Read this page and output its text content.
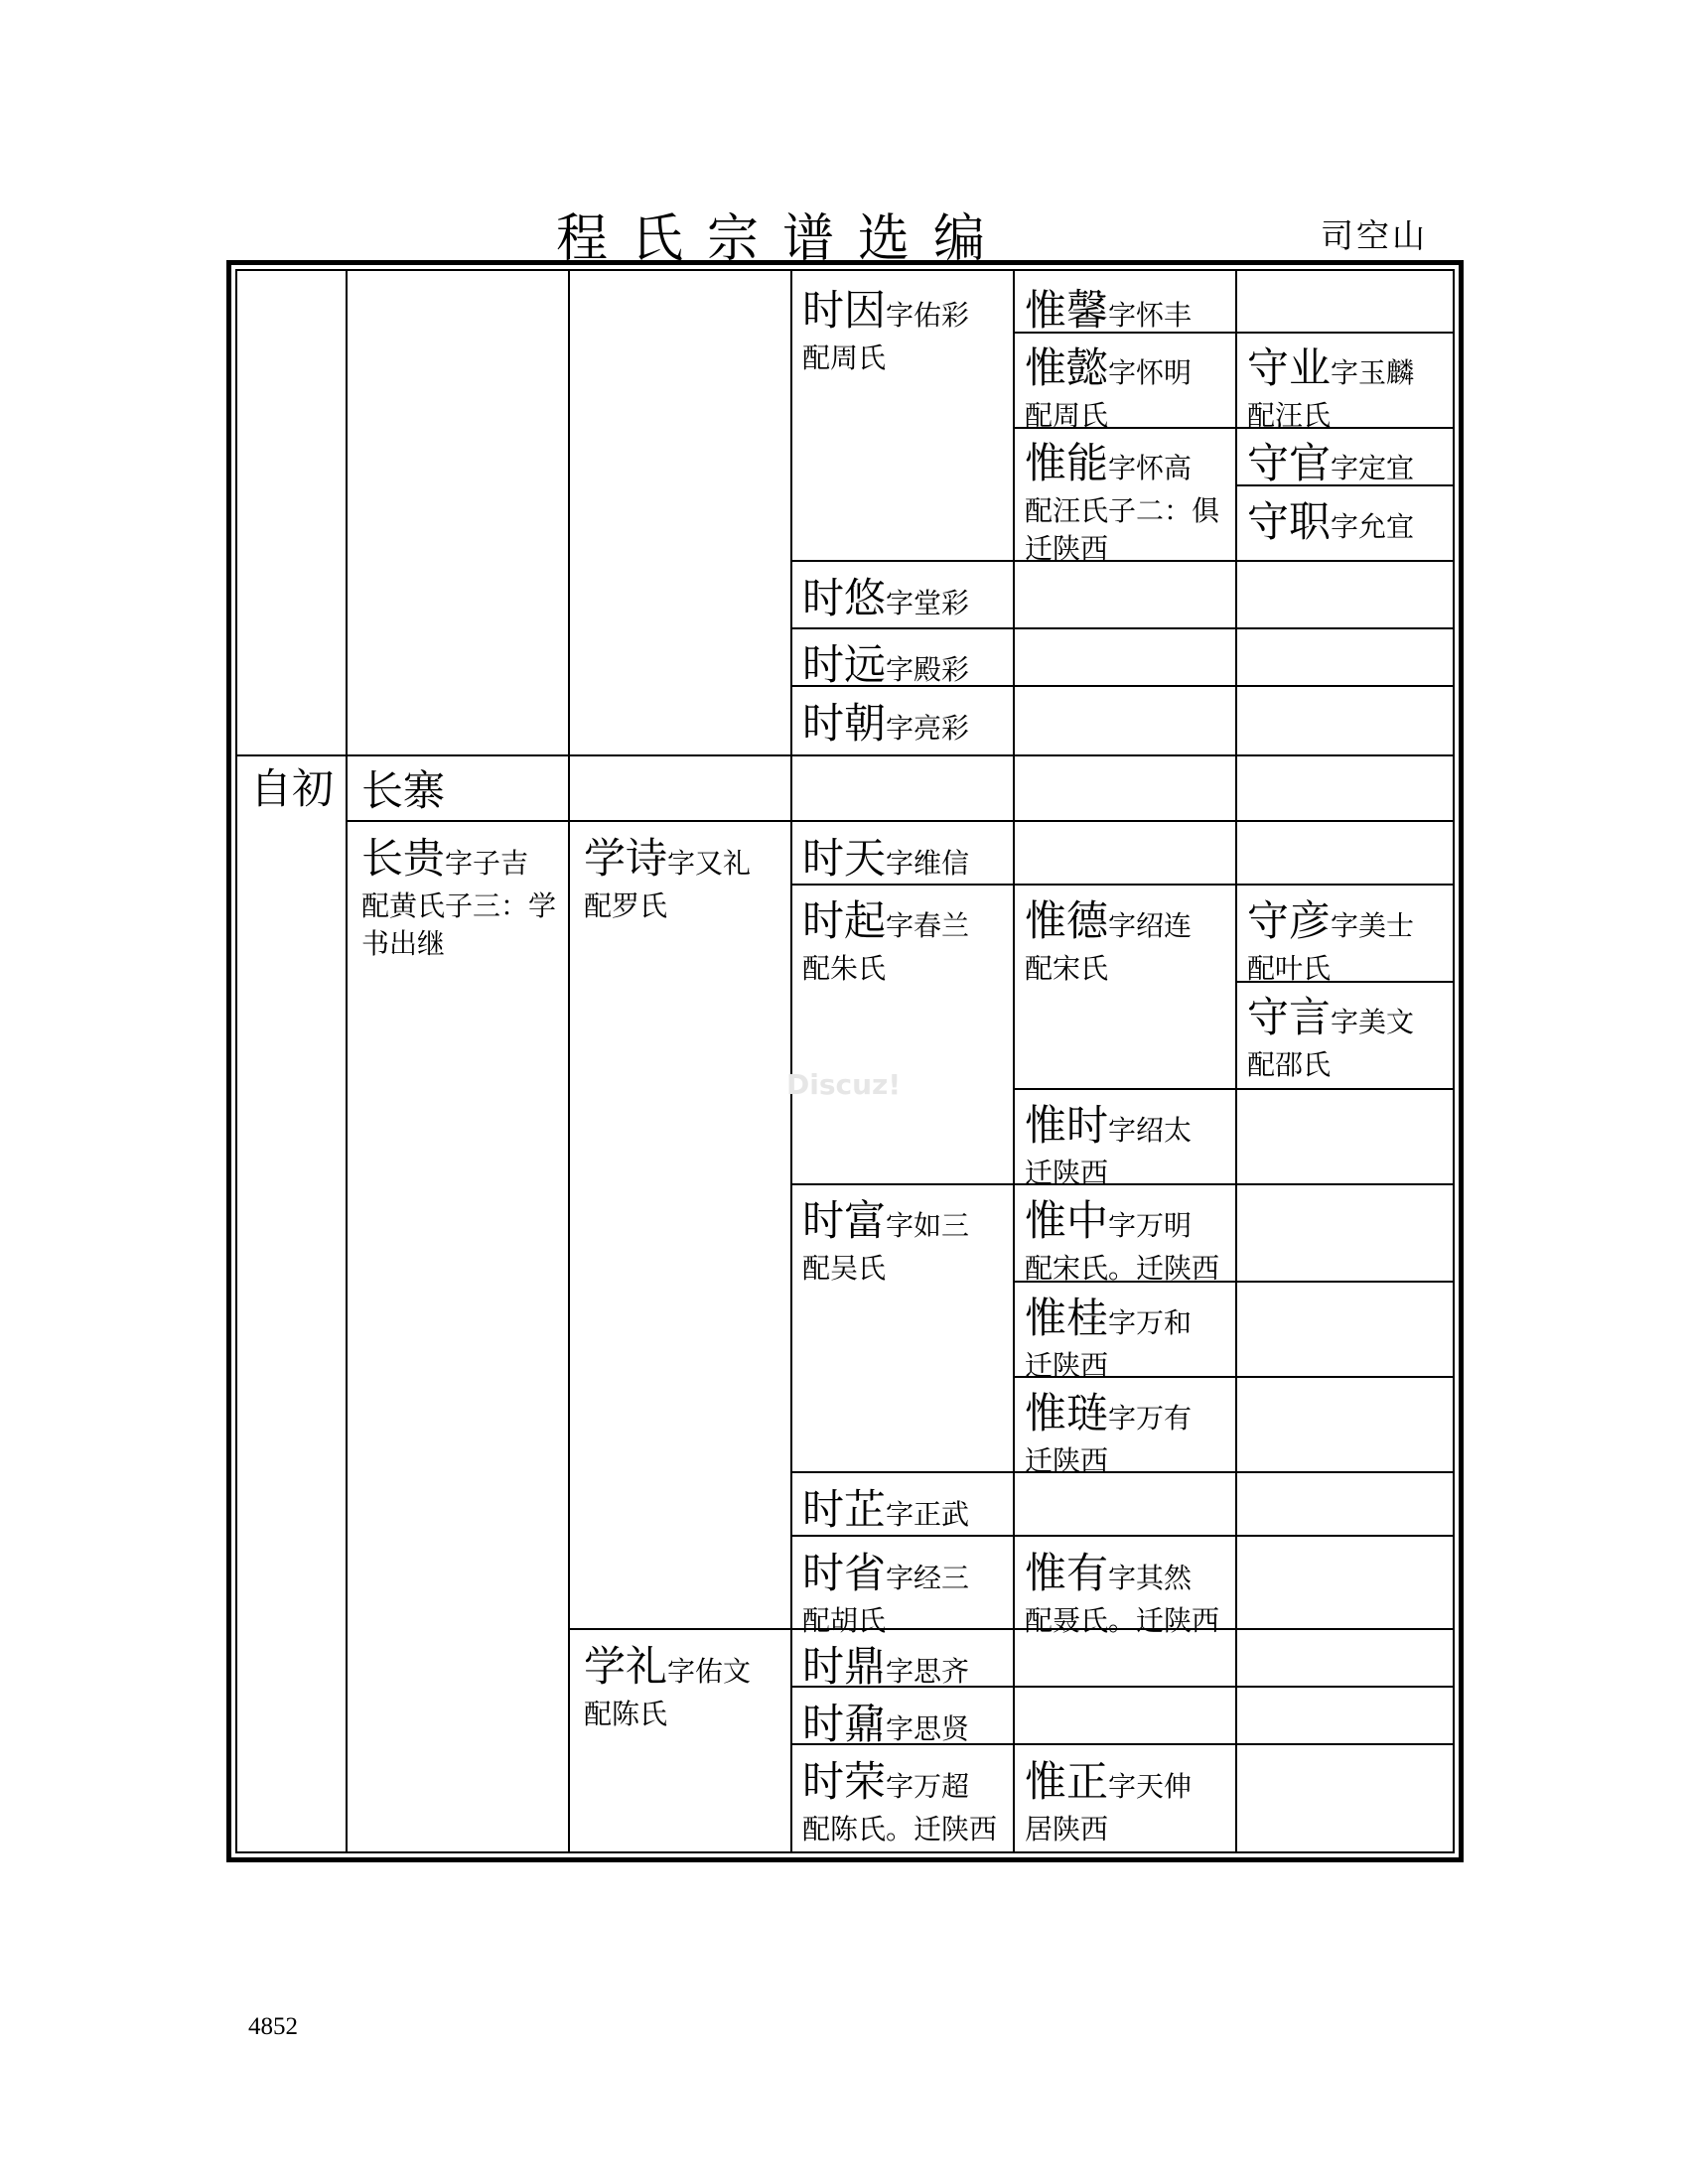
程氏宗谱选编	司空山
时因字佑彩
配周氏
时悠字堂彩
时远字殿彩
时朝字亮彩
惟馨字怀丰
惟懿字怀明
配周氏
惟能字怀高
配汪氏子二：俱
迁陕西
守业字玉麟
配汪氏
守官字定宜
守职字允宜
自初 长寨
长贵字子吉
配黄氏子三：学
书出继
学诗字又礼
配罗氏
学礼字佑文
配陈氏
时天字维信
时起字春兰
配朱氏
时富字如三
配吴氏
时芷字正武
时省字经三
配胡氏
时鼎字思齐
时鼐字思贤
时荣字万超
配陈氏。迁陕西
惟德字绍连
配宋氏
惟时字绍太
迁陕西
惟中字万明
配宋氏。迁陕西
惟桂字万和
迁陕西
惟琏字万有
迁陕西
惟有字其然
配聂氏。迁陕西
惟正字天伸
居陕西
守彦字美士
配叶氏
守言字美文
配邵氏
Discuz!
4852
